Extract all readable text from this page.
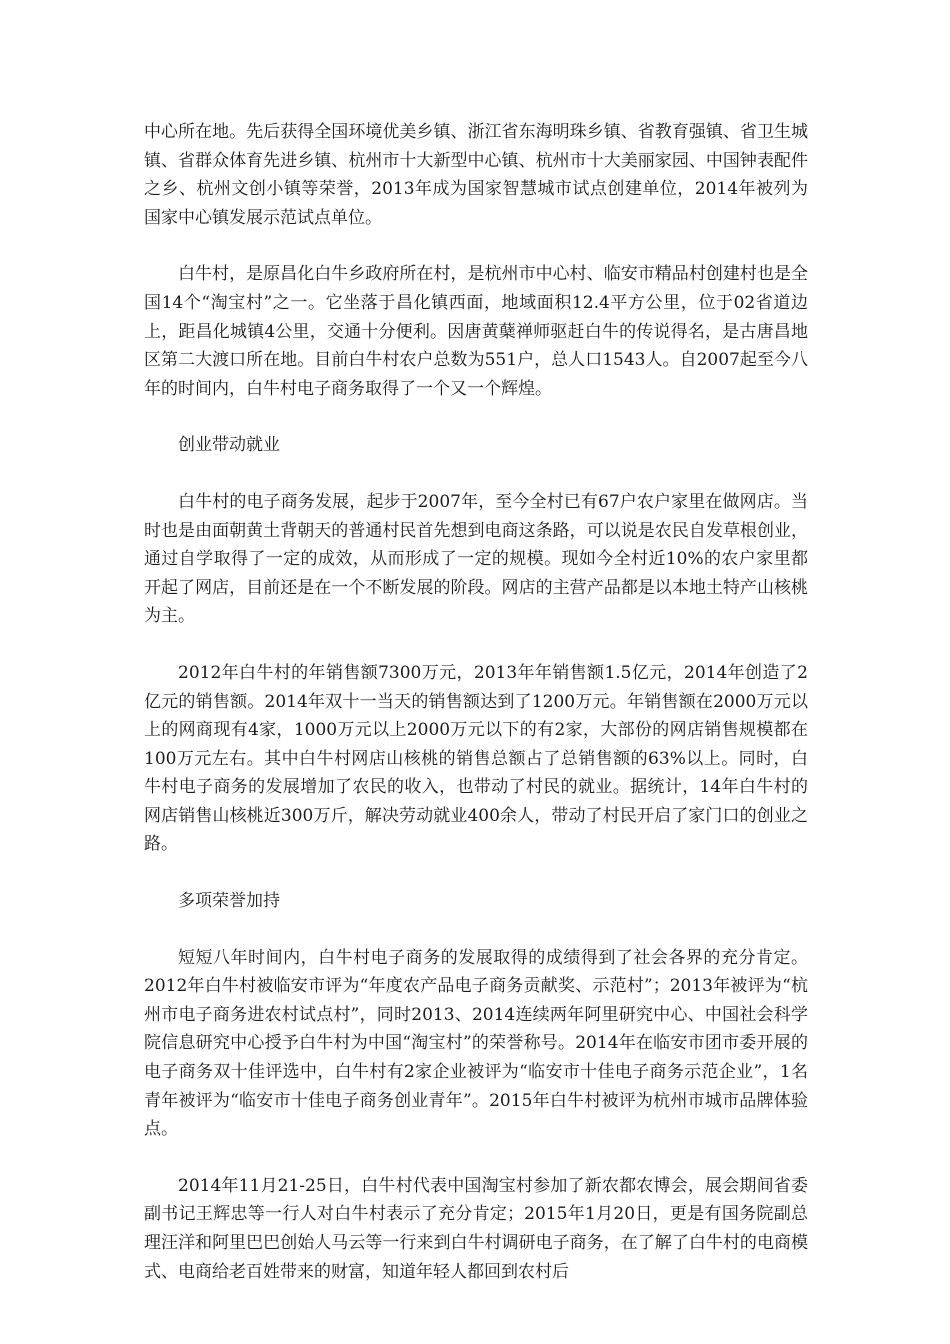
中心所在地。先后获得全国环境优美乡镇、浙江省东海明珠乡镇、省教育强镇、省卫生城镇、省群众体育先进乡镇、杭州市十大新型中心镇、杭州市十大美丽家园、中国钟表配件之乡、杭州文创小镇等荣誉，2013年成为国家智慧城市试点创建单位，2014年被列为国家中心镇发展示范试点单位。

白牛村，是原昌化白牛乡政府所在村，是杭州市中心村、临安市精品村创建村也是全国14个“淘宝村”之一。它坐落于昌化镇西面，地域面积12.4平方公里，位于02省道边上，距昌化城镇4公里，交通十分便利。因唐黄蘖禅师驱赶白牛的传说得名，是古唐昌地区第二大渡口所在地。目前白牛村农户总数为551户，总人口1543人。自2007起至今八年的时间内，白牛村电子商务取得了一个又一个辉煌。

创业带动就业

白牛村的电子商务发展，起步于2007年，至今全村已有67户农户家里在做网店。当时也是由面朝黄土背朝天的普通村民首先想到电商这条路，可以说是农民自发草根创业，通过自学取得了一定的成效，从而形成了一定的规模。现如今全村近10%的农户家里都开起了网店，目前还是在一个不断发展的阶段。网店的主营产品都是以本地土特产山核桃为主。

2012年白牛村的年销售额7300万元，2013年年销售额1.5亿元，2014年创造了2亿元的销售额。2014年双十一当天的销售额达到了1200万元。年销售额在2000万元以上的网商现有4家，1000万元以上2000万元以下的有2家，大部份的网店销售规模都在100万元左右。其中白牛村网店山核桃的销售总额占了总销售额的63%以上。同时，白牛村电子商务的发展增加了农民的收入，也带动了村民的就业。据统计，14年白牛村的网店销售山核桃近300万斤，解决劳动就业400余人，带动了村民开启了家门口的创业之路。

多项荣誉加持

短短八年时间内，白牛村电子商务的发展取得的成绩得到了社会各界的充分肯定。2012年白牛村被临安市评为“年度农产品电子商务贡献奖、示范村”；2013年被评为“杭州市电子商务进农村试点村”，同时2013、2014连续两年阿里研究中心、中国社会科学院信息研究中心授予白牛村为中国“淘宝村”的荣誉称号。2014年在临安市团市委开展的电子商务双十佳评选中，白牛村有2家企业被评为“临安市十佳电子商务示范企业”，1名青年被评为“临安市十佳电子商务创业青年”。2015年白牛村被评为杭州市城市品牌体验点。

2014年11月21-25日，白牛村代表中国淘宝村参加了新农都农博会，展会期间省委副书记王辉忠等一行人对白牛村表示了充分肯定；2015年1月20日，更是有国务院副总理汪洋和阿里巴巴创始人马云等一行来到白牛村调研电子商务，在了解了白牛村的电商模式、电商给老百姓带来的财富，知道年轻人都回到农村后
